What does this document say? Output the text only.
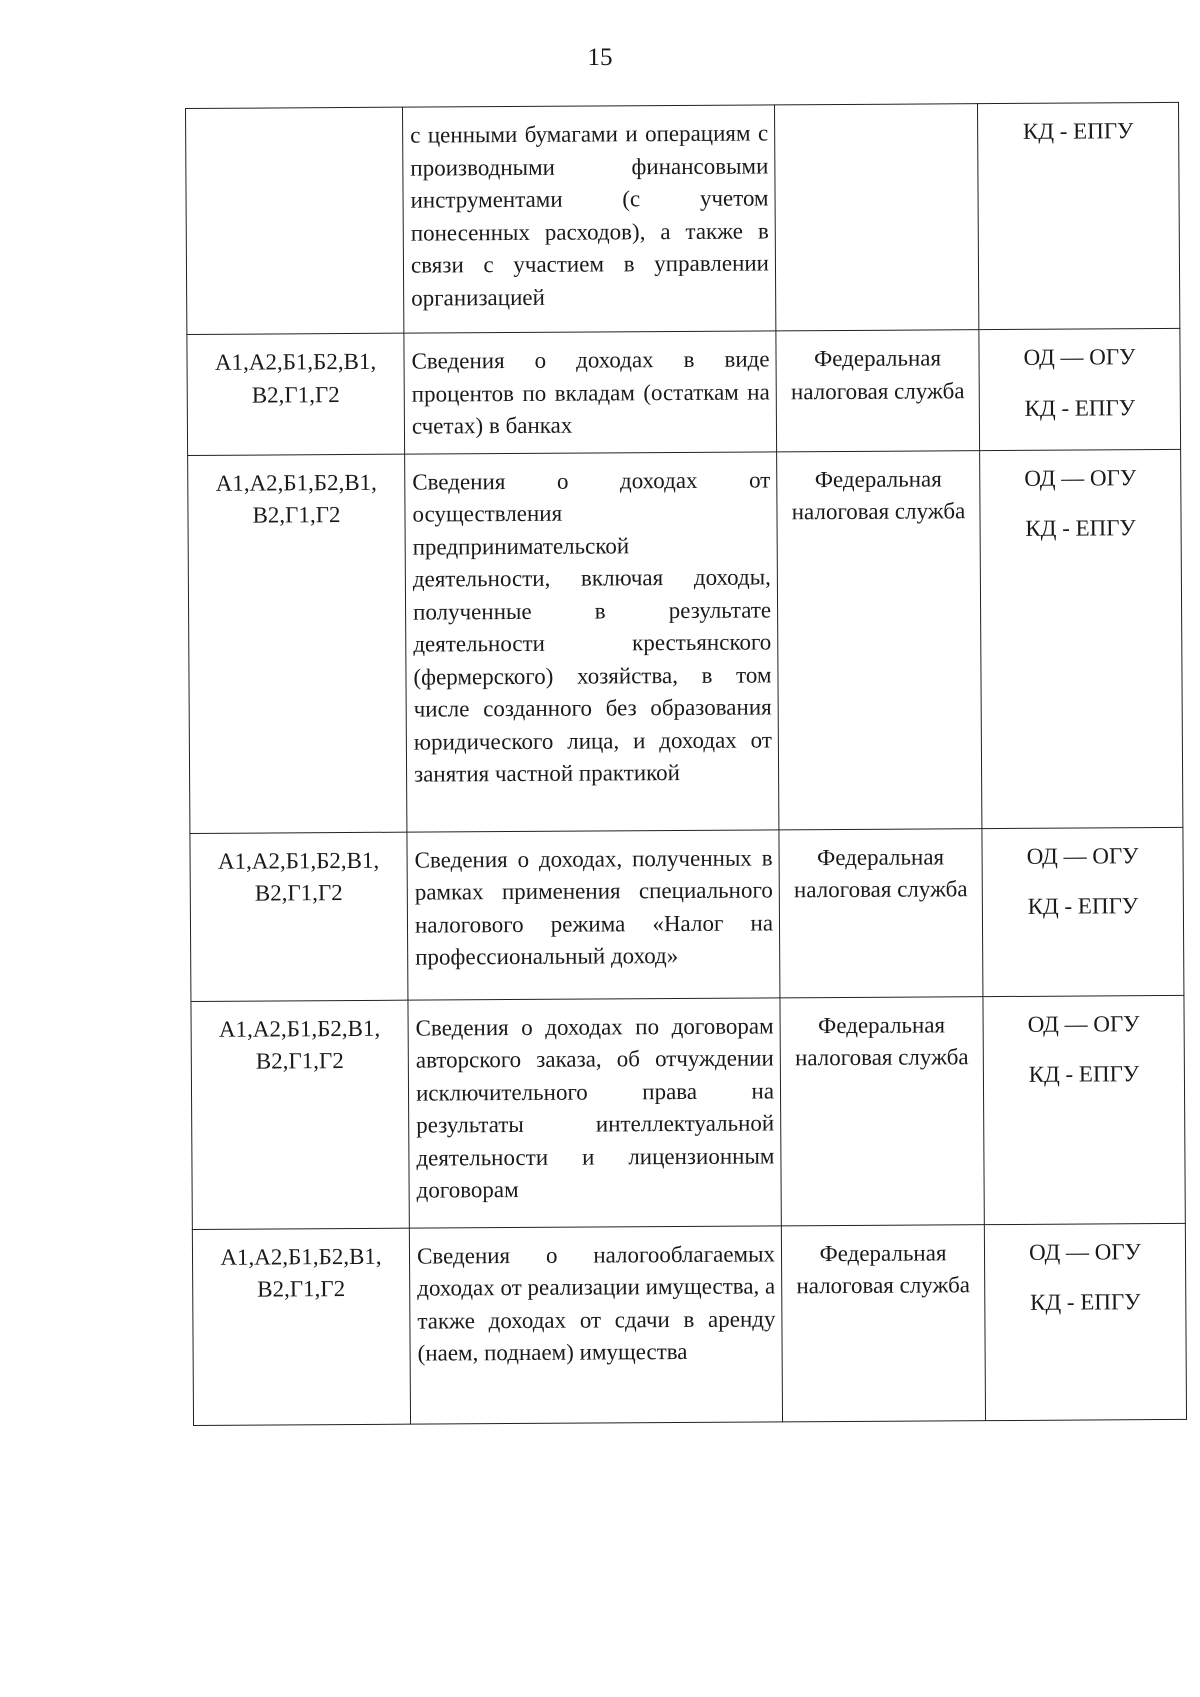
15
	с ценными бумагами и операциям с производными финансовыми инструментами (с учетом понесенных расходов), а также в связи с участием в управлении организацией		КД - ЕПГУ

А1,А2,Б1,Б2,В1, В2,Г1,Г2	Сведения о доходах в виде процентов по вкладам (остаткам на счетах) в банках	Федеральная налоговая служба	ОД — ОГУ
КД - ЕПГУ

А1,А2,Б1,Б2,В1, В2,Г1,Г2	Сведения о доходах от осуществления предпринимательской деятельности, включая доходы, полученные в результате деятельности крестьянского (фермерского) хозяйства, в том числе созданного без образования юридического лица, и доходах от занятия частной практикой	Федеральная налоговая служба	ОД — ОГУ
КД - ЕПГУ

А1,А2,Б1,Б2,В1, В2,Г1,Г2	Сведения о доходах, полученных в рамках применения специального налогового режима «Налог на профессиональный доход»	Федеральная налоговая служба	ОД — ОГУ
КД - ЕПГУ

А1,А2,Б1,Б2,В1, В2,Г1,Г2	Сведения о доходах по договорам авторского заказа, об отчуждении исключительного права на результаты интеллектуальной деятельности и лицензионным договорам	Федеральная налоговая служба	ОД — ОГУ
КД - ЕПГУ

А1,А2,Б1,Б2,В1, В2,Г1,Г2	Сведения о налогооблагаемых доходах от реализации имущества, а также доходах от сдачи в аренду (наем, поднаем) имущества	Федеральная налоговая служба	ОД — ОГУ
КД - ЕПГУ
